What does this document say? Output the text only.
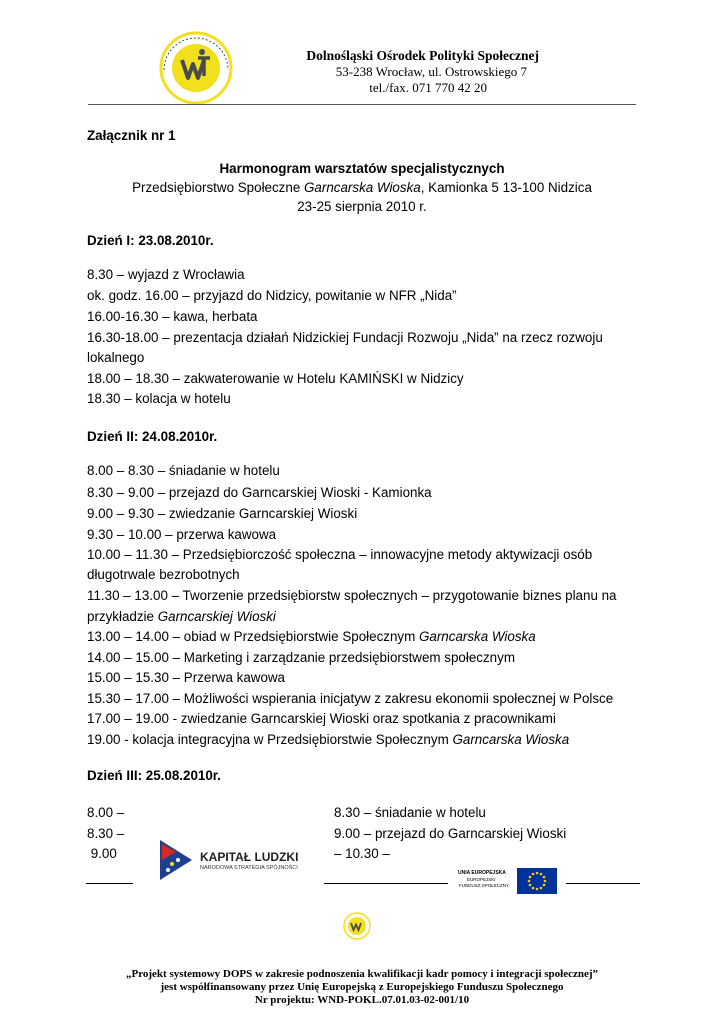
Dolnośląski Ośrodek Polityki Społecznej
53-238 Wrocław, ul. Ostrowskiego 7
tel./fax. 071 770 42 20
Załącznik nr 1
Harmonogram warsztatów specjalistycznych
Przedsiębiorstwo Społeczne Garncarska Wioska, Kamionka 5 13-100 Nidzica
23-25 sierpnia 2010 r.
Dzień I: 23.08.2010r.
8.30 – wyjazd z Wrocławia
ok. godz. 16.00 – przyjazd do Nidzicy, powitanie w NFR „Nida”
16.00-16.30 – kawa, herbata
16.30-18.00 – prezentacja działań Nidzickiej Fundacji Rozwoju „Nida” na rzecz rozwoju
lokalnego
18.00 – 18.30 – zakwaterowanie w Hotelu KAMIŃSKI w Nidzicy
18.30 – kolacja w hotelu
Dzień II: 24.08.2010r.
8.00 – 8.30 – śniadanie w hotelu
8.30 – 9.00 – przejazd do Garncarskiej Wioski - Kamionka
9.00 – 9.30 – zwiedzanie Garncarskiej Wioski
9.30 – 10.00 – przerwa kawowa
10.00 – 11.30 – Przedsiębiorczość społeczna – innowacyjne metody aktywizacji osób
długotrwale bezrobotnych
11.30 – 13.00 – Tworzenie przedsiębiorstw społecznych – przygotowanie biznes planu na
przykładzie Garncarskiej Wioski
13.00 – 14.00 – obiad w Przedsiębiorstwie Społecznym Garncarska Wioska
14.00 – 15.00 – Marketing i zarządzanie przedsiębiorstwem społecznym
15.00 – 15.30 – Przerwa kawowa
15.30 – 17.00 – Możliwości wspierania inicjatyw z zakresu ekonomii społecznej w Polsce
17.00 – 19.00 - zwiedzanie Garncarskiej Wioski oraz spotkania z pracownikami
19.00 - kolacja integracyjna w Przedsiębiorstwie Społecznym Garncarska Wioska
Dzień III: 25.08.2010r.
8.00 –
8.30 –
9.00
8.30 – śniadanie w hotelu
9.00 – przejazd do Garncarskiej Wioski
– 10.30 –
KAPITAŁ LUDZKI
NARODOWA STRATEGIA SPÓJNOŚCI
UNIA EUROPEJSKA
EUROPEJSKI
FUNDUSZ SPOŁECZNY
„Projekt systemowy DOPS w zakresie podnoszenia kwalifikacji kadr pomocy i integracji społecznej”
jest współfinansowany przez Unię Europejską z Europejskiego Funduszu Społecznego
Nr projektu: WND-POKL.07.01.03-02-001/10
